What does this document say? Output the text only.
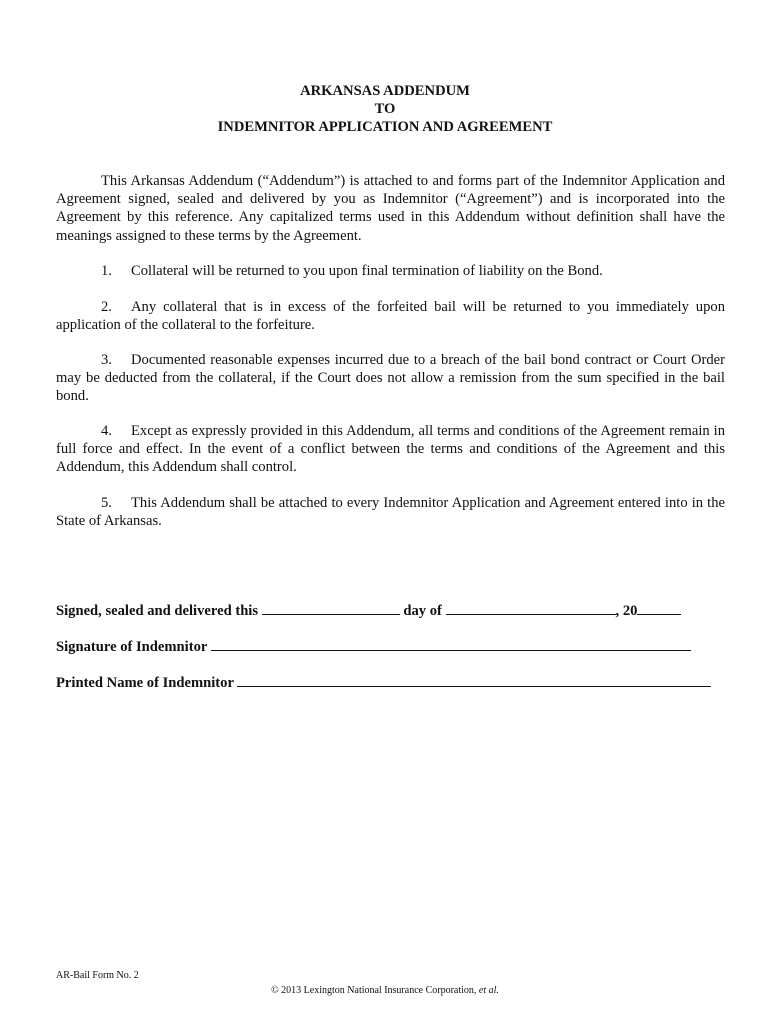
ARKANSAS ADDENDUM
TO
INDEMNITOR APPLICATION AND AGREEMENT

This Arkansas Addendum (“Addendum”) is attached to and forms part of the Indemnitor Application and Agreement signed, sealed and delivered by you as Indemnitor (“Agreement”) and is incorporated into the Agreement by this reference. Any capitalized terms used in this Addendum without definition shall have the meanings assigned to these terms by the Agreement.

1. Collateral will be returned to you upon final termination of liability on the Bond.

2. Any collateral that is in excess of the forfeited bail will be returned to you immediately upon application of the collateral to the forfeiture.

3. Documented reasonable expenses incurred due to a breach of the bail bond contract or Court Order may be deducted from the collateral, if the Court does not allow a remission from the sum specified in the bail bond.

4. Except as expressly provided in this Addendum, all terms and conditions of the Agreement remain in full force and effect. In the event of a conflict between the terms and conditions of the Agreement and this Addendum, this Addendum shall control.

5. This Addendum shall be attached to every Indemnitor Application and Agreement entered into in the State of Arkansas.

Signed, sealed and delivered this	day of	, 20
Signature of Indemnitor
Printed Name of Indemnitor
AR-Bail Form No. 2
© 2013 Lexington National Insurance Corporation, et al.
